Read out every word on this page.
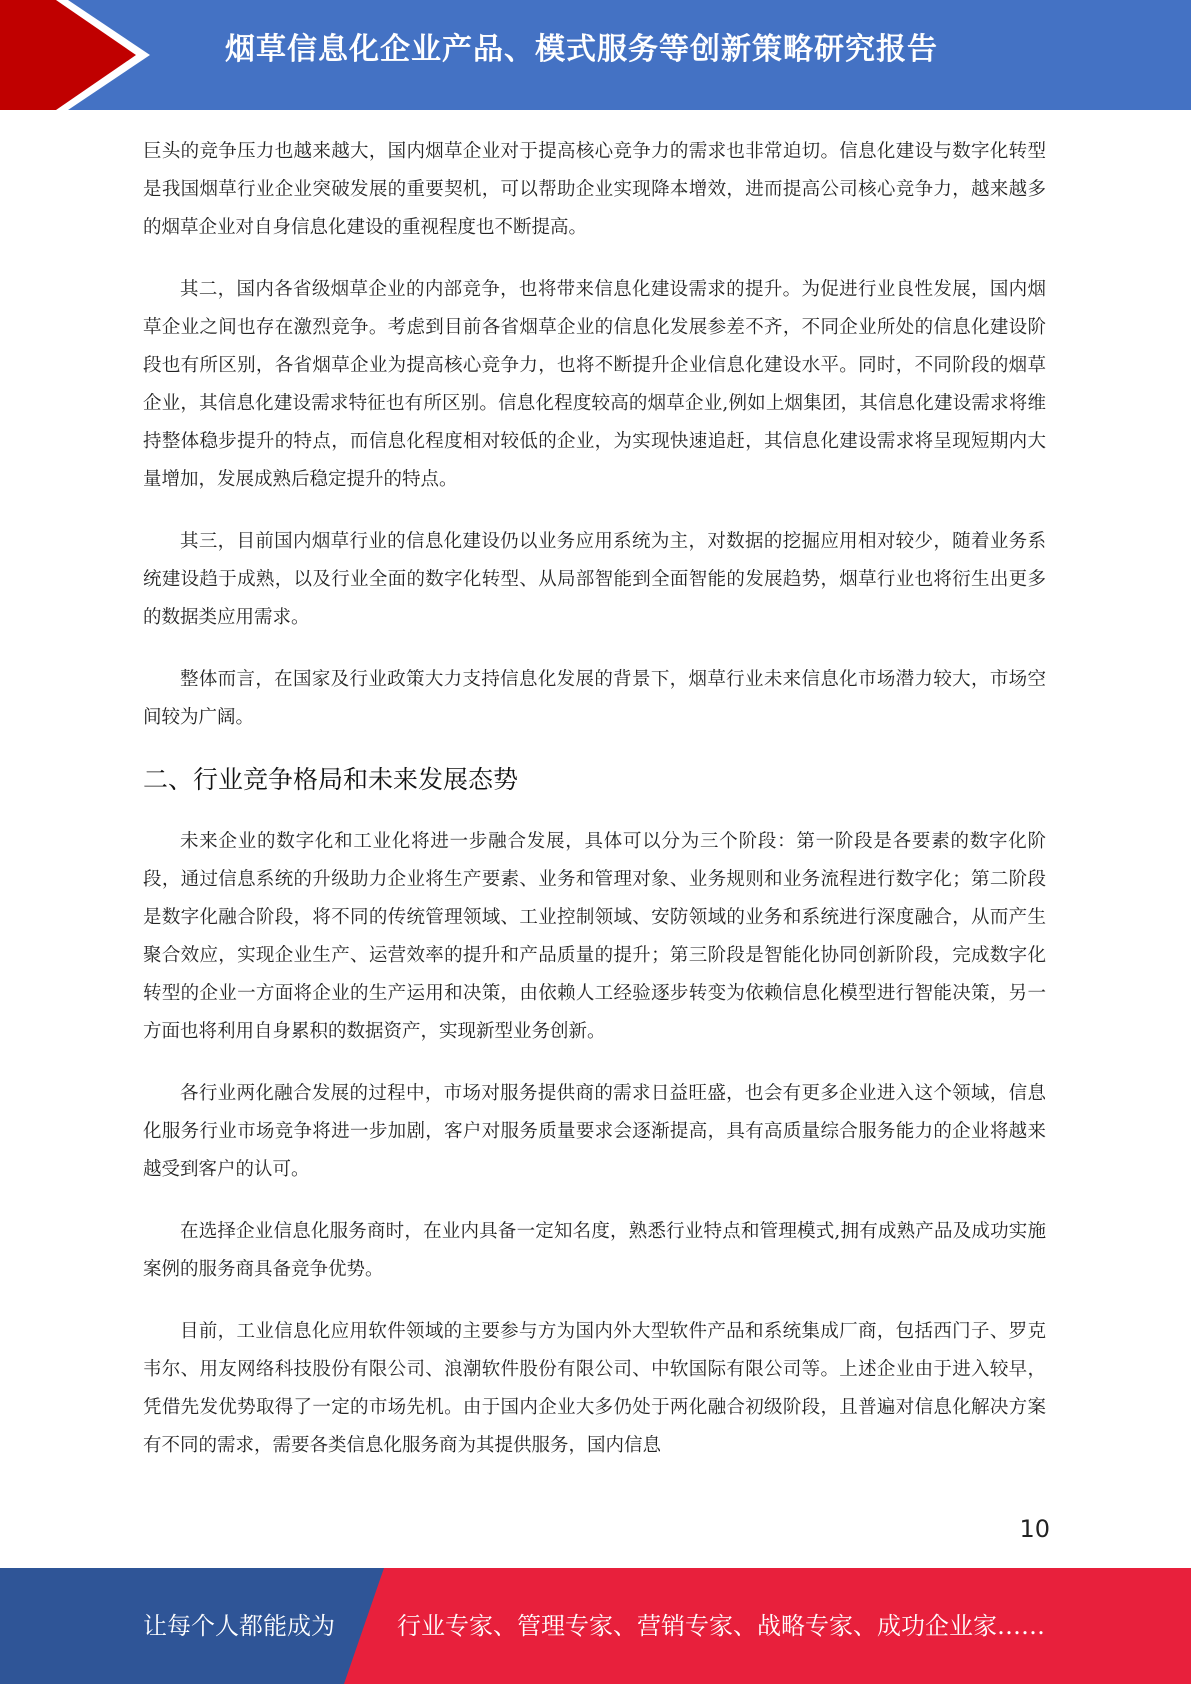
烟草信息化企业产品、模式服务等创新策略研究报告

巨头的竞争压力也越来越大，国内烟草企业对于提高核心竞争力的需求也非常迫切。信息化建设与数字化转型是我国烟草行业企业突破发展的重要契机，可以帮助企业实现降本增效，进而提高公司核心竞争力，越来越多的烟草企业对自身信息化建设的重视程度也不断提高。

其二，国内各省级烟草企业的内部竞争，也将带来信息化建设需求的提升。为促进行业良性发展，国内烟草企业之间也存在激烈竞争。考虑到目前各省烟草企业的信息化发展参差不齐，不同企业所处的信息化建设阶段也有所区别，各省烟草企业为提高核心竞争力，也将不断提升企业信息化建设水平。同时，不同阶段的烟草企业，其信息化建设需求特征也有所区别。信息化程度较高的烟草企业,例如上烟集团，其信息化建设需求将维持整体稳步提升的特点，而信息化程度相对较低的企业，为实现快速追赶，其信息化建设需求将呈现短期内大量增加，发展成熟后稳定提升的特点。

其三，目前国内烟草行业的信息化建设仍以业务应用系统为主，对数据的挖掘应用相对较少，随着业务系统建设趋于成熟，以及行业全面的数字化转型、从局部智能到全面智能的发展趋势，烟草行业也将衍生出更多的数据类应用需求。

整体而言，在国家及行业政策大力支持信息化发展的背景下，烟草行业未来信息化市场潜力较大，市场空间较为广阔。

二、行业竞争格局和未来发展态势

未来企业的数字化和工业化将进一步融合发展，具体可以分为三个阶段：第一阶段是各要素的数字化阶段，通过信息系统的升级助力企业将生产要素、业务和管理对象、业务规则和业务流程进行数字化；第二阶段是数字化融合阶段，将不同的传统管理领域、工业控制领域、安防领域的业务和系统进行深度融合，从而产生聚合效应，实现企业生产、运营效率的提升和产品质量的提升；第三阶段是智能化协同创新阶段，完成数字化转型的企业一方面将企业的生产运用和决策，由依赖人工经验逐步转变为依赖信息化模型进行智能决策，另一方面也将利用自身累积的数据资产，实现新型业务创新。

各行业两化融合发展的过程中，市场对服务提供商的需求日益旺盛，也会有更多企业进入这个领域，信息化服务行业市场竞争将进一步加剧，客户对服务质量要求会逐渐提高，具有高质量综合服务能力的企业将越来越受到客户的认可。

在选择企业信息化服务商时，在业内具备一定知名度，熟悉行业特点和管理模式,拥有成熟产品及成功实施案例的服务商具备竞争优势。

目前，工业信息化应用软件领域的主要参与方为国内外大型软件产品和系统集成厂商，包括西门子、罗克韦尔、用友网络科技股份有限公司、浪潮软件股份有限公司、中软国际有限公司等。上述企业由于进入较早，凭借先发优势取得了一定的市场先机。由于国内企业大多仍处于两化融合初级阶段，且普遍对信息化解决方案有不同的需求，需要各类信息化服务商为其提供服务，国内信息

10
让每个人都能成为	行业专家、管理专家、营销专家、战略专家、成功企业家……
